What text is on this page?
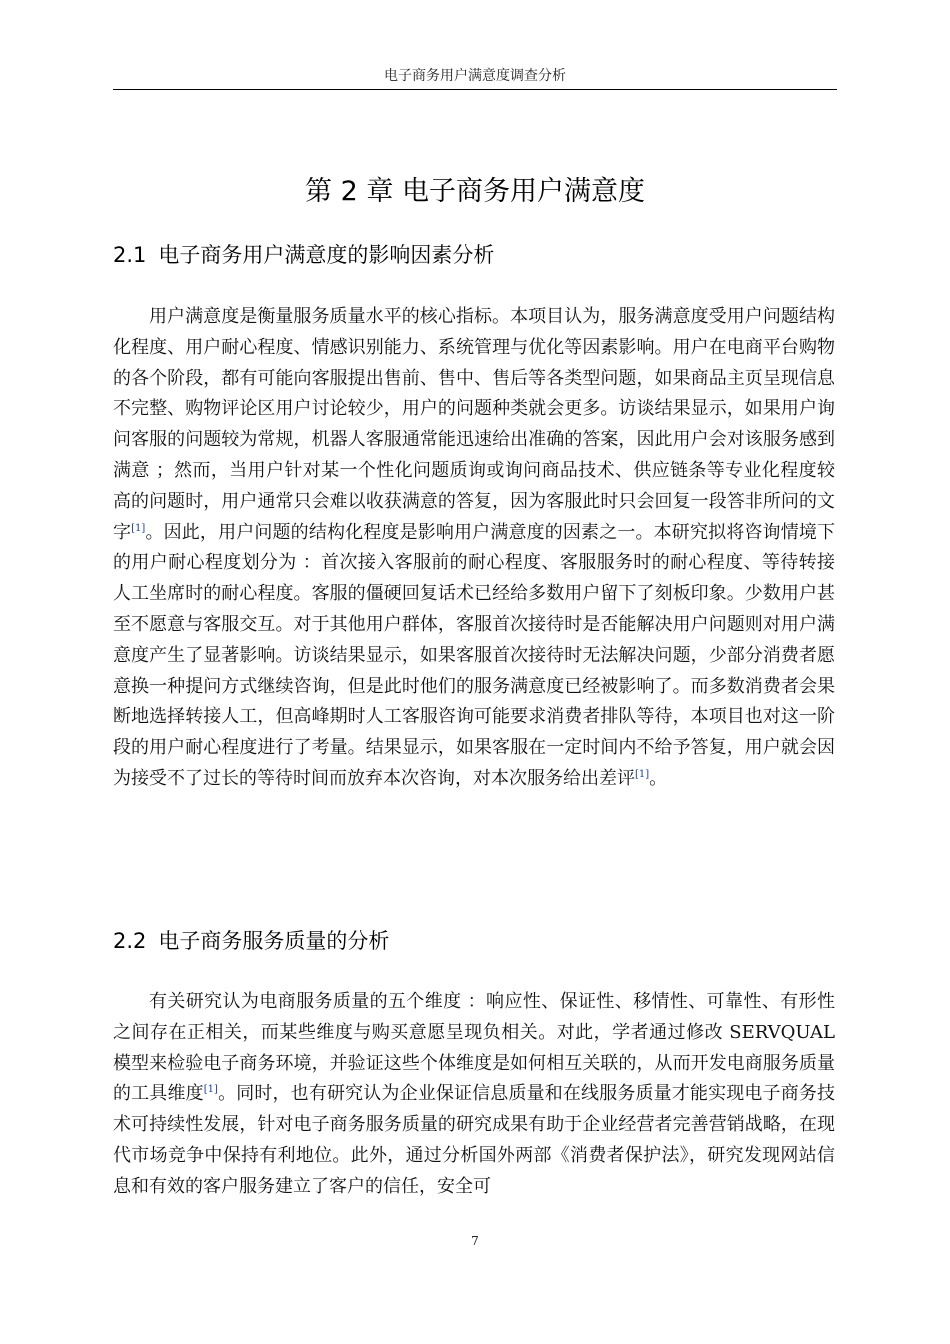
电子商务用户满意度调查分析
第 2 章 电子商务用户满意度
2.1 电子商务用户满意度的影响因素分析

用户满意度是衡量服务质量水平的核心指标。本项目认为，服务满意度受用户问题结构化程度、用户耐心程度、情感识别能力、系统管理与优化等因素影响。用户在电商平台购物的各个阶段，都有可能向客服提出售前、售中、售后等各类型问题，如果商品主页呈现信息不完整、购物评论区用户讨论较少，用户的问题种类就会更多。访谈结果显示，如果用户询问客服的问题较为常规，机器人客服通常能迅速给出准确的答案，因此用户会对该服务感到满意 ；然而，当用户针对某一个性化问题质询或询问商品技术、供应链条等专业化程度较高的问题时，用户通常只会难以收获满意的答复，因为客服此时只会回复一段答非所问的文字[1]。因此，用户问题的结构化程度是影响用户满意度的因素之一。本研究拟将咨询情境下的用户耐心程度划分为 ：首次接入客服前的耐心程度、客服服务时的耐心程度、等待转接人工坐席时的耐心程度。客服的僵硬回复话术已经给多数用户留下了刻板印象。少数用户甚至不愿意与客服交互。对于其他用户群体，客服首次接待时是否能解决用户问题则对用户满意度产生了显著影响。访谈结果显示，如果客服首次接待时无法解决问题，少部分消费者愿意换一种提问方式继续咨询，但是此时他们的服务满意度已经被影响了。而多数消费者会果断地选择转接人工，但高峰期时人工客服咨询可能要求消费者排队等待，本项目也对这一阶段的用户耐心程度进行了考量。结果显示，如果客服在一定时间内不给予答复，用户就会因为接受不了过长的等待时间而放弃本次咨询，对本次服务给出差评[1]。

2.2 电子商务服务质量的分析

有关研究认为电商服务质量的五个维度 ：响应性、保证性、移情性、可靠性、有形性之间存在正相关，而某些维度与购买意愿呈现负相关。对此，学者通过修改 SERVQUAL 模型来检验电子商务环境，并验证这些个体维度是如何相互关联的，从而开发电商服务质量的工具维度[1]。同时，也有研究认为企业保证信息质量和在线服务质量才能实现电子商务技术可持续性发展，针对电子商务服务质量的研究成果有助于企业经营者完善营销战略，在现代市场竞争中保持有利地位。此外，通过分析国外两部《消费者保护法》，研究发现网站信息和有效的客户服务建立了客户的信任，安全可

7
